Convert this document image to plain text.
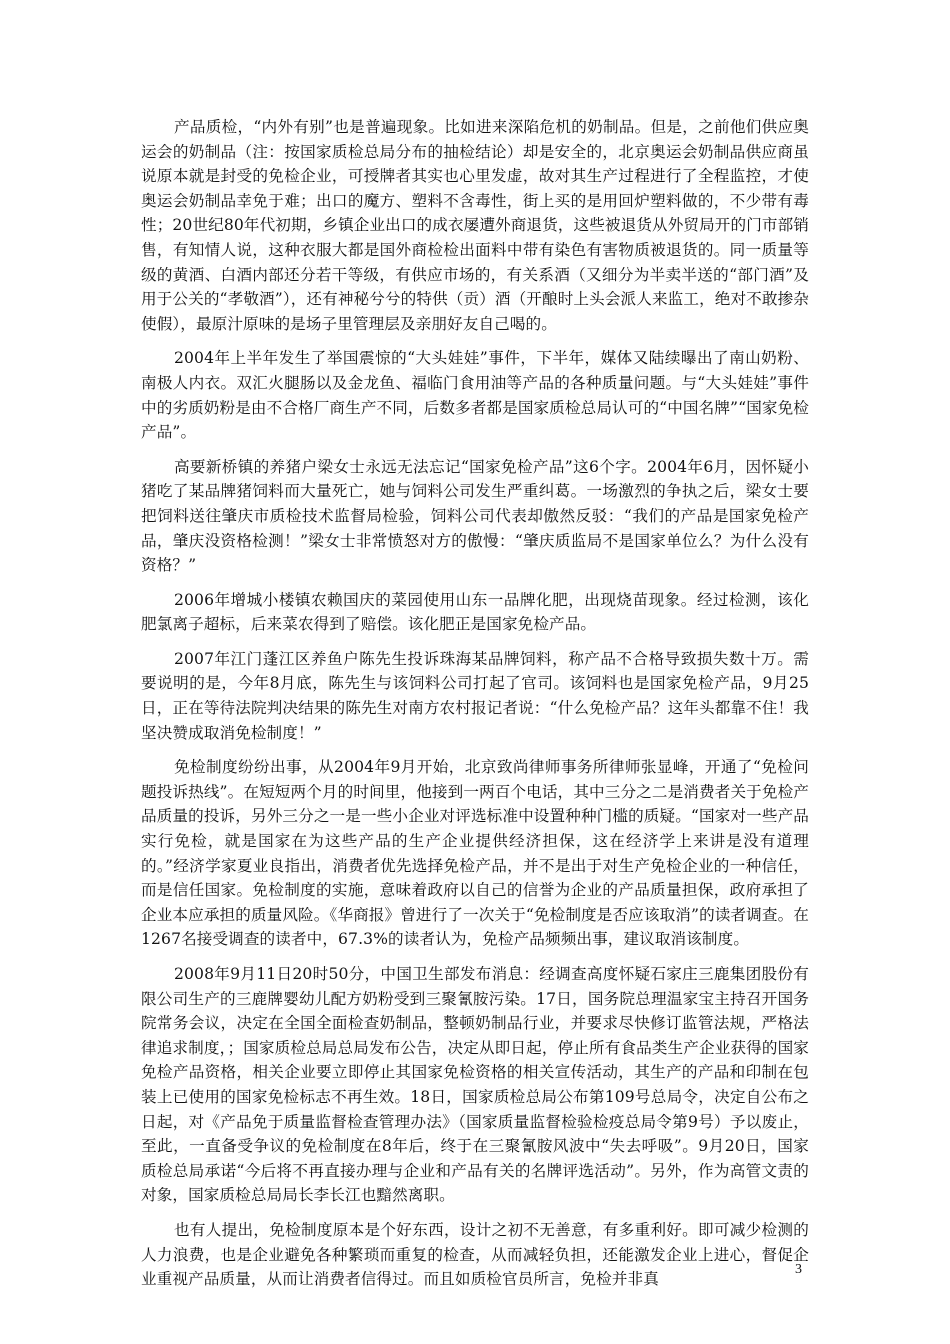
产品质检，“内外有别”也是普遍现象。比如进来深陷危机的奶制品。但是，之前他们供应奥运会的奶制品（注：按国家质检总局分布的抽检结论）却是安全的，北京奥运会奶制品供应商虽说原本就是封受的免检企业，可授牌者其实也心里发虚，故对其生产过程进行了全程监控，才使奥运会奶制品幸免于难；出口的魔方、塑料不含毒性，街上买的是用回炉塑料做的，不少带有毒性；20世纪80年代初期，乡镇企业出口的成衣屡遭外商退货，这些被退货从外贸局开的门市部销售，有知情人说，这种衣服大都是国外商检检出面料中带有染色有害物质被退货的。同一质量等级的黄酒、白酒内部还分若干等级，有供应市场的，有关系酒（又细分为半卖半送的“部门酒”及用于公关的“孝敬酒”），还有神秘兮兮的特供（贡）酒（开酿时上头会派人来监工，绝对不敢掺杂使假），最原汁原味的是场子里管理层及亲朋好友自己喝的。

2004年上半年发生了举国震惊的“大头娃娃”事件，下半年，媒体又陆续曝出了南山奶粉、南极人内衣。双汇火腿肠以及金龙鱼、福临门食用油等产品的各种质量问题。与“大头娃娃”事件中的劣质奶粉是由不合格厂商生产不同，后数多者都是国家质检总局认可的“中国名牌”“国家免检产品”。

高要新桥镇的养猪户梁女士永远无法忘记“国家免检产品”这6个字。2004年6月，因怀疑小猪吃了某品牌猪饲料而大量死亡，她与饲料公司发生严重纠葛。一场激烈的争执之后，梁女士要把饲料送往肇庆市质检技术监督局检验，饲料公司代表却傲然反驳：“我们的产品是国家免检产品，肇庆没资格检测！”梁女士非常愤怒对方的傲慢：“肇庆质监局不是国家单位么？为什么没有资格？”

2006年增城小楼镇农赖国庆的菜园使用山东一品牌化肥，出现烧苗现象。经过检测，该化肥氯离子超标，后来菜农得到了赔偿。该化肥正是国家免检产品。

2007年江门蓬江区养鱼户陈先生投诉珠海某品牌饲料，称产品不合格导致损失数十万。需要说明的是，今年8月底，陈先生与该饲料公司打起了官司。该饲料也是国家免检产品，9月25日，正在等待法院判决结果的陈先生对南方农村报记者说：“什么免检产品？这年头都靠不住！我坚决赞成取消免检制度！”

免检制度纷纷出事，从2004年9月开始，北京致尚律师事务所律师张显峰，开通了“免检问题投诉热线”。在短短两个月的时间里，他接到一两百个电话，其中三分之二是消费者关于免检产品质量的投诉，另外三分之一是一些小企业对评选标准中设置种种门槛的质疑。“国家对一些产品实行免检，就是国家在为这些产品的生产企业提供经济担保，这在经济学上来讲是没有道理的。”经济学家夏业良指出，消费者优先选择免检产品，并不是出于对生产免检企业的一种信任，而是信任国家。免检制度的实施，意味着政府以自己的信誉为企业的产品质量担保，政府承担了企业本应承担的质量风险。《华商报》曾进行了一次关于“免检制度是否应该取消”的读者调查。在1267名接受调查的读者中，67.3%的读者认为，免检产品频频出事，建议取消该制度。

2008年9月11日20时50分，中国卫生部发布消息：经调查高度怀疑石家庄三鹿集团股份有限公司生产的三鹿牌婴幼儿配方奶粉受到三聚氰胺污染。17日，国务院总理温家宝主持召开国务院常务会议，决定在全国全面检查奶制品，整顿奶制品行业，并要求尽快修订监管法规，严格法律追求制度，；国家质检总局总局发布公告，决定从即日起，停止所有食品类生产企业获得的国家免检产品资格，相关企业要立即停止其国家免检资格的相关宣传活动，其生产的产品和印制在包装上已使用的国家免检标志不再生效。18日，国家质检总局公布第109号总局令，决定自公布之日起，对《产品免于质量监督检查管理办法》（国家质量监督检验检疫总局令第9号）予以废止，至此，一直备受争议的免检制度在8年后，终于在三聚氰胺风波中“失去呼吸”。9月20日，国家质检总局承诺“今后将不再直接办理与企业和产品有关的名牌评选活动”。另外，作为高管文责的对象，国家质检总局局长李长江也黯然离职。

也有人提出，免检制度原本是个好东西，设计之初不无善意，有多重利好。即可减少检测的人力浪费，也是企业避免各种繁琐而重复的检查，从而减轻负担，还能激发企业上进心，督促企业重视产品质量，从而让消费者信得过。而且如质检官员所言，免检并非真

3
